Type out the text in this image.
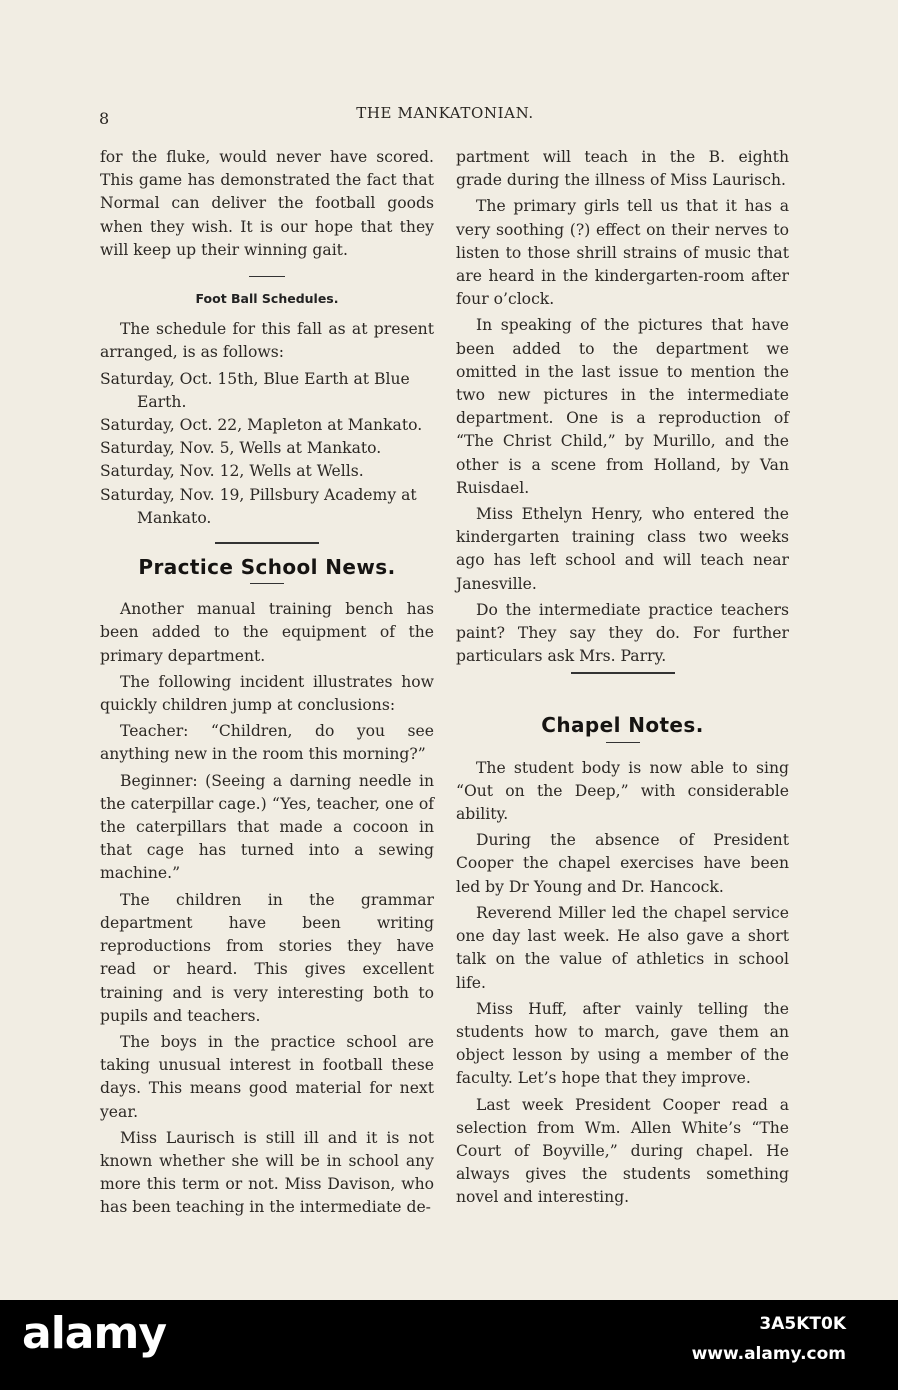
8	THE MANKATONIAN.

for the fluke, would never have scored. This game has demonstrated the fact that Normal can deliver the football goods when they wish. It is our hope that they will keep up their winning gait.

Foot Ball Schedules.

The schedule for this fall as at present arranged, is as follows:

Saturday, Oct. 15th, Blue Earth at Blue Earth.
Saturday, Oct. 22, Mapleton at Mankato.
Saturday, Nov. 5, Wells at Mankato.
Saturday, Nov. 12, Wells at Wells.
Saturday, Nov. 19, Pillsbury Academy at Mankato.
Practice School News.

Another manual training bench has been added to the equipment of the primary department.

The following incident illustrates how quickly children jump at conclusions:

Teacher: “Children, do you see anything new in the room this morning?”

Beginner: (Seeing a darning needle in the caterpillar cage.) “Yes, teacher, one of the caterpillars that made a cocoon in that cage has turned into a sewing machine.”

The children in the grammar department have been writing reproductions from stories they have read or heard. This gives excellent training and is very interesting both to pupils and teachers.

The boys in the practice school are taking unusual interest in football these days. This means good material for next year.

Miss Laurisch is still ill and it is not known whether she will be in school any more this term or not. Miss Davison, who has been teaching in the intermediate de-

partment will teach in the B. eighth grade during the illness of Miss Laurisch.

The primary girls tell us that it has a very soothing (?) effect on their nerves to listen to those shrill strains of music that are heard in the kindergarten-room after four o’clock.

In speaking of the pictures that have been added to the department we omitted in the last issue to mention the two new pictures in the intermediate department. One is a reproduction of “The Christ Child,” by Murillo, and the other is a scene from Holland, by Van Ruisdael.

Miss Ethelyn Henry, who entered the kindergarten training class two weeks ago has left school and will teach near Janesville.

Do the intermediate practice teachers paint? They say they do. For further particulars ask Mrs. Parry.

Chapel Notes.

The student body is now able to sing “Out on the Deep,” with considerable ability.

During the absence of President Cooper the chapel exercises have been led by Dr Young and Dr. Hancock.

Reverend Miller led the chapel service one day last week. He also gave a short talk on the value of athletics in school life.

Miss Huff, after vainly telling the students how to march, gave them an object lesson by using a member of the faculty. Let’s hope that they improve.

Last week President Cooper read a selection from Wm. Allen White’s “The Court of Boyville,” during chapel. He always gives the students something novel and interesting.

alamy	3A5KT0K
www.alamy.com
